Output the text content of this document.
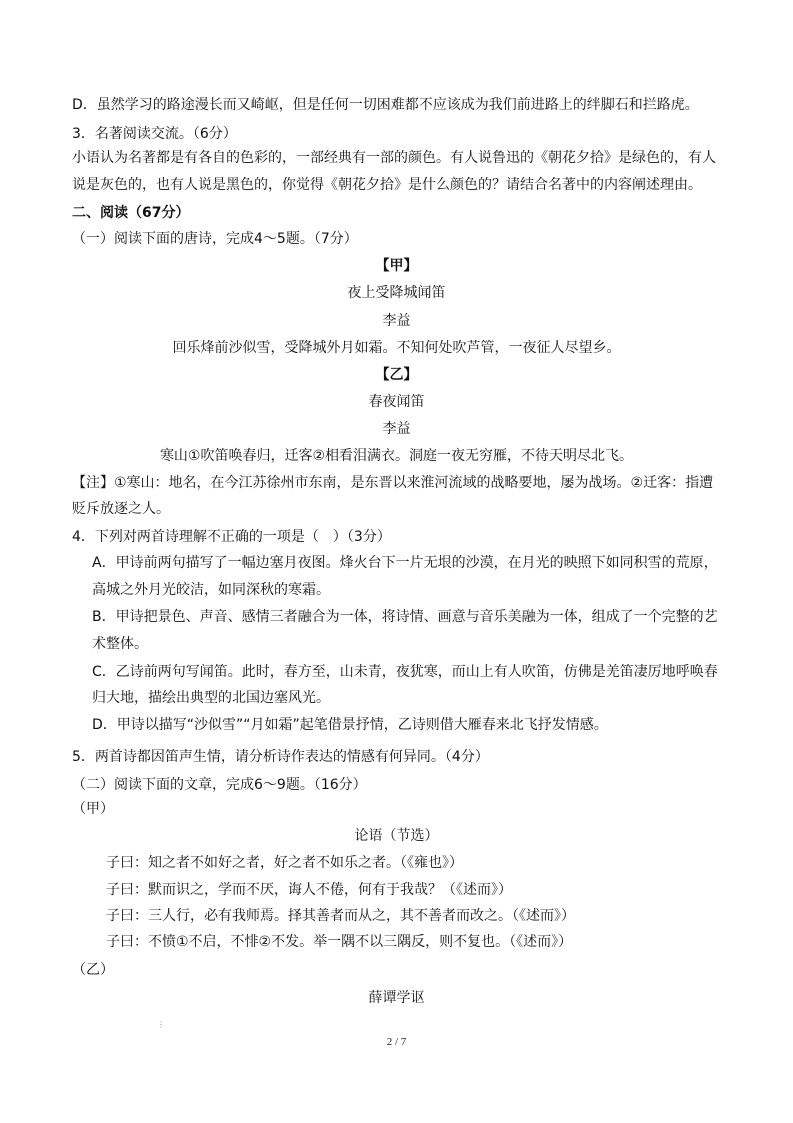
D．虽然学习的路途漫长而又崎岖，但是任何一切困难都不应该成为我们前进路上的绊脚石和拦路虎。
3．名著阅读交流。（6分）
小语认为名著都是有各自的色彩的，一部经典有一部的颜色。有人说鲁迅的《朝花夕拾》是绿色的，有人
说是灰色的，也有人说是黑色的，你觉得《朝花夕拾》是什么颜色的？请结合名著中的内容阐述理由。
二、阅读（67分）
（一）阅读下面的唐诗，完成4～5题。（7分）
【甲】
夜上受降城闻笛
李益
回乐烽前沙似雪，受降城外月如霜。不知何处吹芦管，一夜征人尽望乡。
【乙】
春夜闻笛
李益
寒山①吹笛唤春归，迁客②相看泪满衣。洞庭一夜无穷雁，不待天明尽北飞。
【注】①寒山：地名，在今江苏徐州市东南，是东晋以来淮河流域的战略要地，屡为战场。②迁客：指遭
贬斥放逐之人。
4．下列对两首诗理解不正确的一项是（　）（3分）
A．甲诗前两句描写了一幅边塞月夜图。烽火台下一片无垠的沙漠，在月光的映照下如同积雪的荒原，
高城之外月光皎洁，如同深秋的寒霜。
B．甲诗把景色、声音、感情三者融合为一体，将诗情、画意与音乐美融为一体，组成了一个完整的艺
术整体。
C．乙诗前两句写闻笛。此时，春方至，山未青，夜犹寒，而山上有人吹笛，仿佛是羌笛凄厉地呼唤春
归大地，描绘出典型的北国边塞风光。
D．甲诗以描写“沙似雪”“月如霜”起笔借景抒情，乙诗则借大雁春来北飞抒发情感。
5．两首诗都因笛声生情，请分析诗作表达的情感有何异同。（4分）
（二）阅读下面的文章，完成6～9题。（16分）
（甲）
论语（节选）
子曰：知之者不如好之者，好之者不如乐之者。（《雍也》）
子曰：默而识之，学而不厌，诲人不倦，何有于我哉？（《述而》）
子曰：三人行，必有我师焉。择其善者而从之，其不善者而改之。（《述而》）
子曰：不愤①不启，不悱②不发。举一隅不以三隅反，则不复也。（《述而》）
（乙）
薛谭学讴
⋮
2 / 7
